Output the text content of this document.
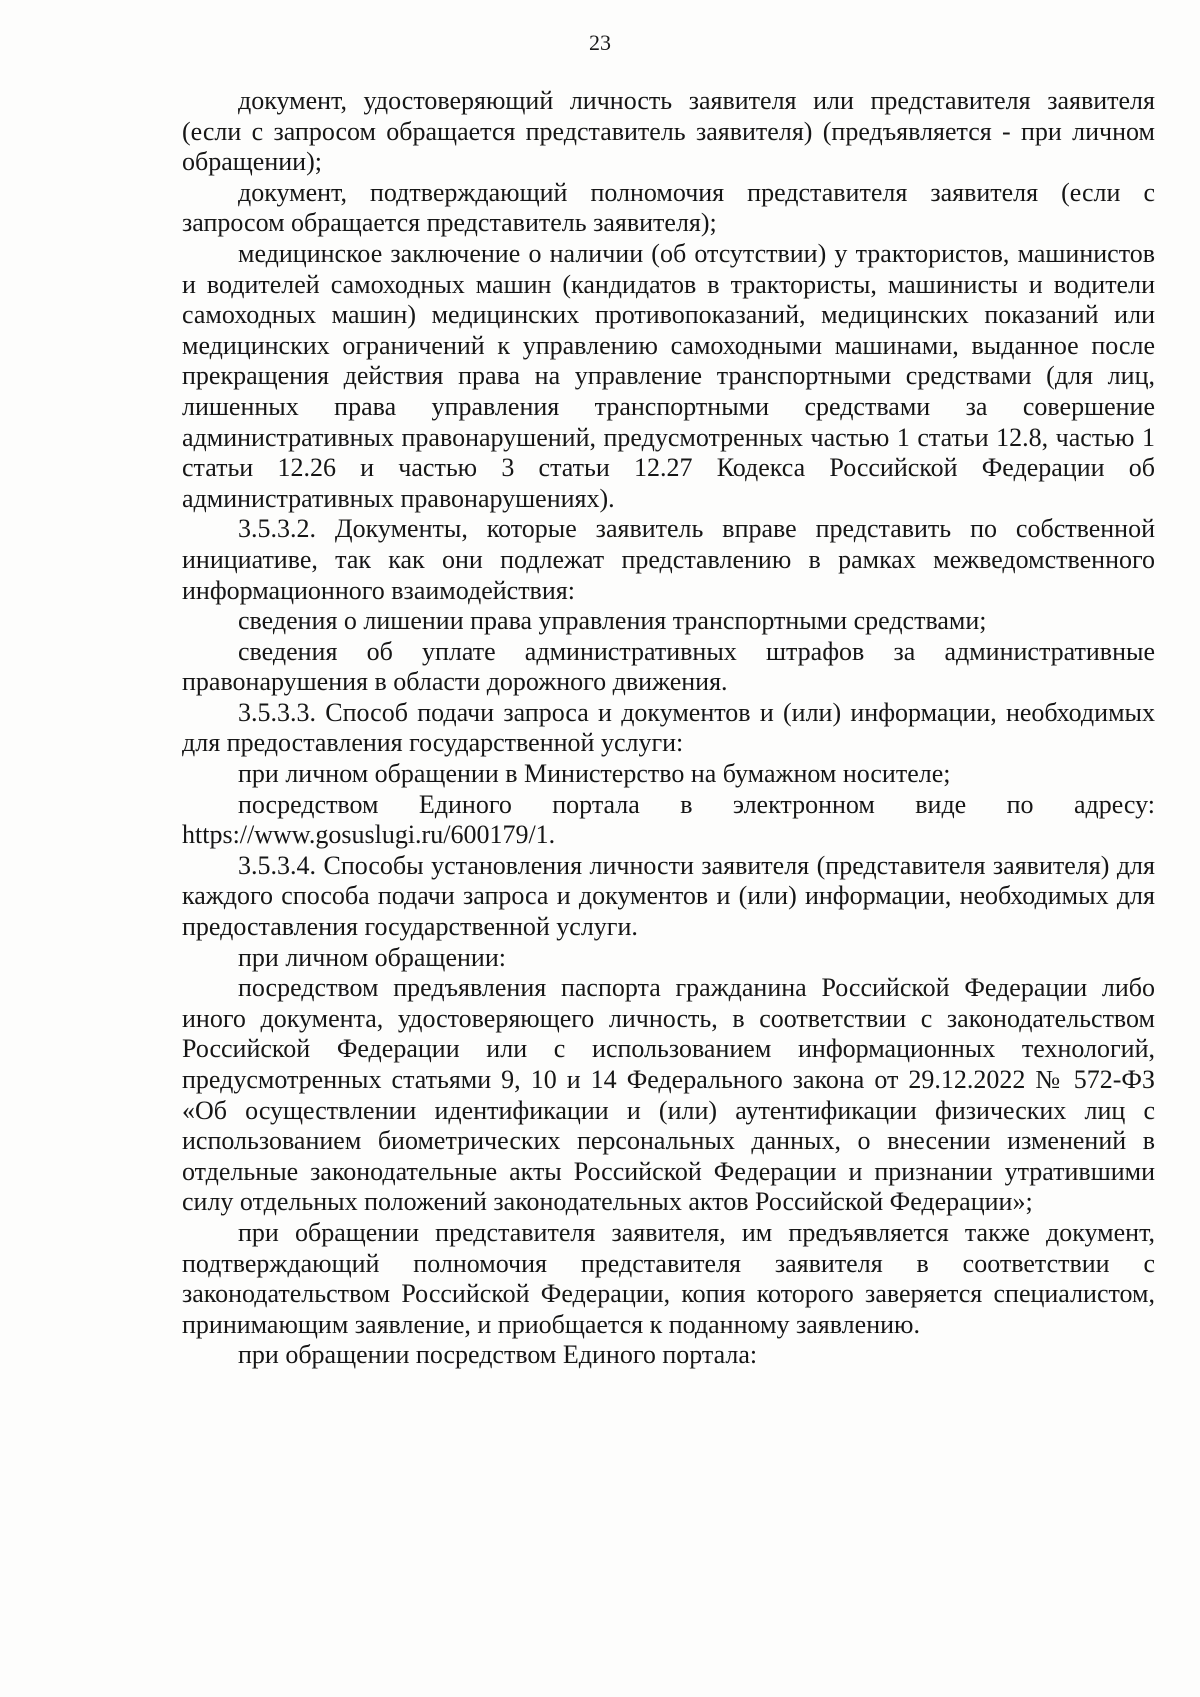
23

документ, удостоверяющий личность заявителя или представителя заявителя (если с запросом обращается представитель заявителя) (предъявляется - при личном обращении);

документ, подтверждающий полномочия представителя заявителя (если с запросом обращается представитель заявителя);

медицинское заключение о наличии (об отсутствии) у трактористов, машинистов и водителей самоходных машин (кандидатов в трактористы, машинисты и водители самоходных машин) медицинских противопоказаний, медицинских показаний или медицинских ограничений к управлению самоходными машинами, выданное после прекращения действия права на управление транспортными средствами (для лиц, лишенных права управления транспортными средствами за совершение административных правонарушений, предусмотренных частью 1 статьи 12.8, частью 1 статьи 12.26 и частью 3 статьи 12.27 Кодекса Российской Федерации об административных правонарушениях).

3.5.3.2. Документы, которые заявитель вправе представить по собственной инициативе, так как они подлежат представлению в рамках межведомственного информационного взаимодействия:

сведения о лишении права управления транспортными средствами;

сведения об уплате административных штрафов за административные правонарушения в области дорожного движения.

3.5.3.3. Способ подачи запроса и документов и (или) информации, необходимых для предоставления государственной услуги:

при личном обращении в Министерство на бумажном носителе;

посредством Единого портала в электронном виде по адресу: https://www.gosuslugi.ru/600179/1.

3.5.3.4. Способы установления личности заявителя (представителя заявителя) для каждого способа подачи запроса и документов и (или) информации, необходимых для предоставления государственной услуги.

при личном обращении:

посредством предъявления паспорта гражданина Российской Федерации либо иного документа, удостоверяющего личность, в соответствии с законодательством Российской Федерации или с использованием информационных технологий, предусмотренных статьями 9, 10 и 14 Федерального закона от 29.12.2022 № 572-ФЗ «Об осуществлении идентификации и (или) аутентификации физических лиц с использованием биометрических персональных данных, о внесении изменений в отдельные законодательные акты Российской Федерации и признании утратившими силу отдельных положений законодательных актов Российской Федерации»;

при обращении представителя заявителя, им предъявляется также документ, подтверждающий полномочия представителя заявителя в соответствии с законодательством Российской Федерации, копия которого заверяется специалистом, принимающим заявление, и приобщается к поданному заявлению.

при обращении посредством Единого портала:
